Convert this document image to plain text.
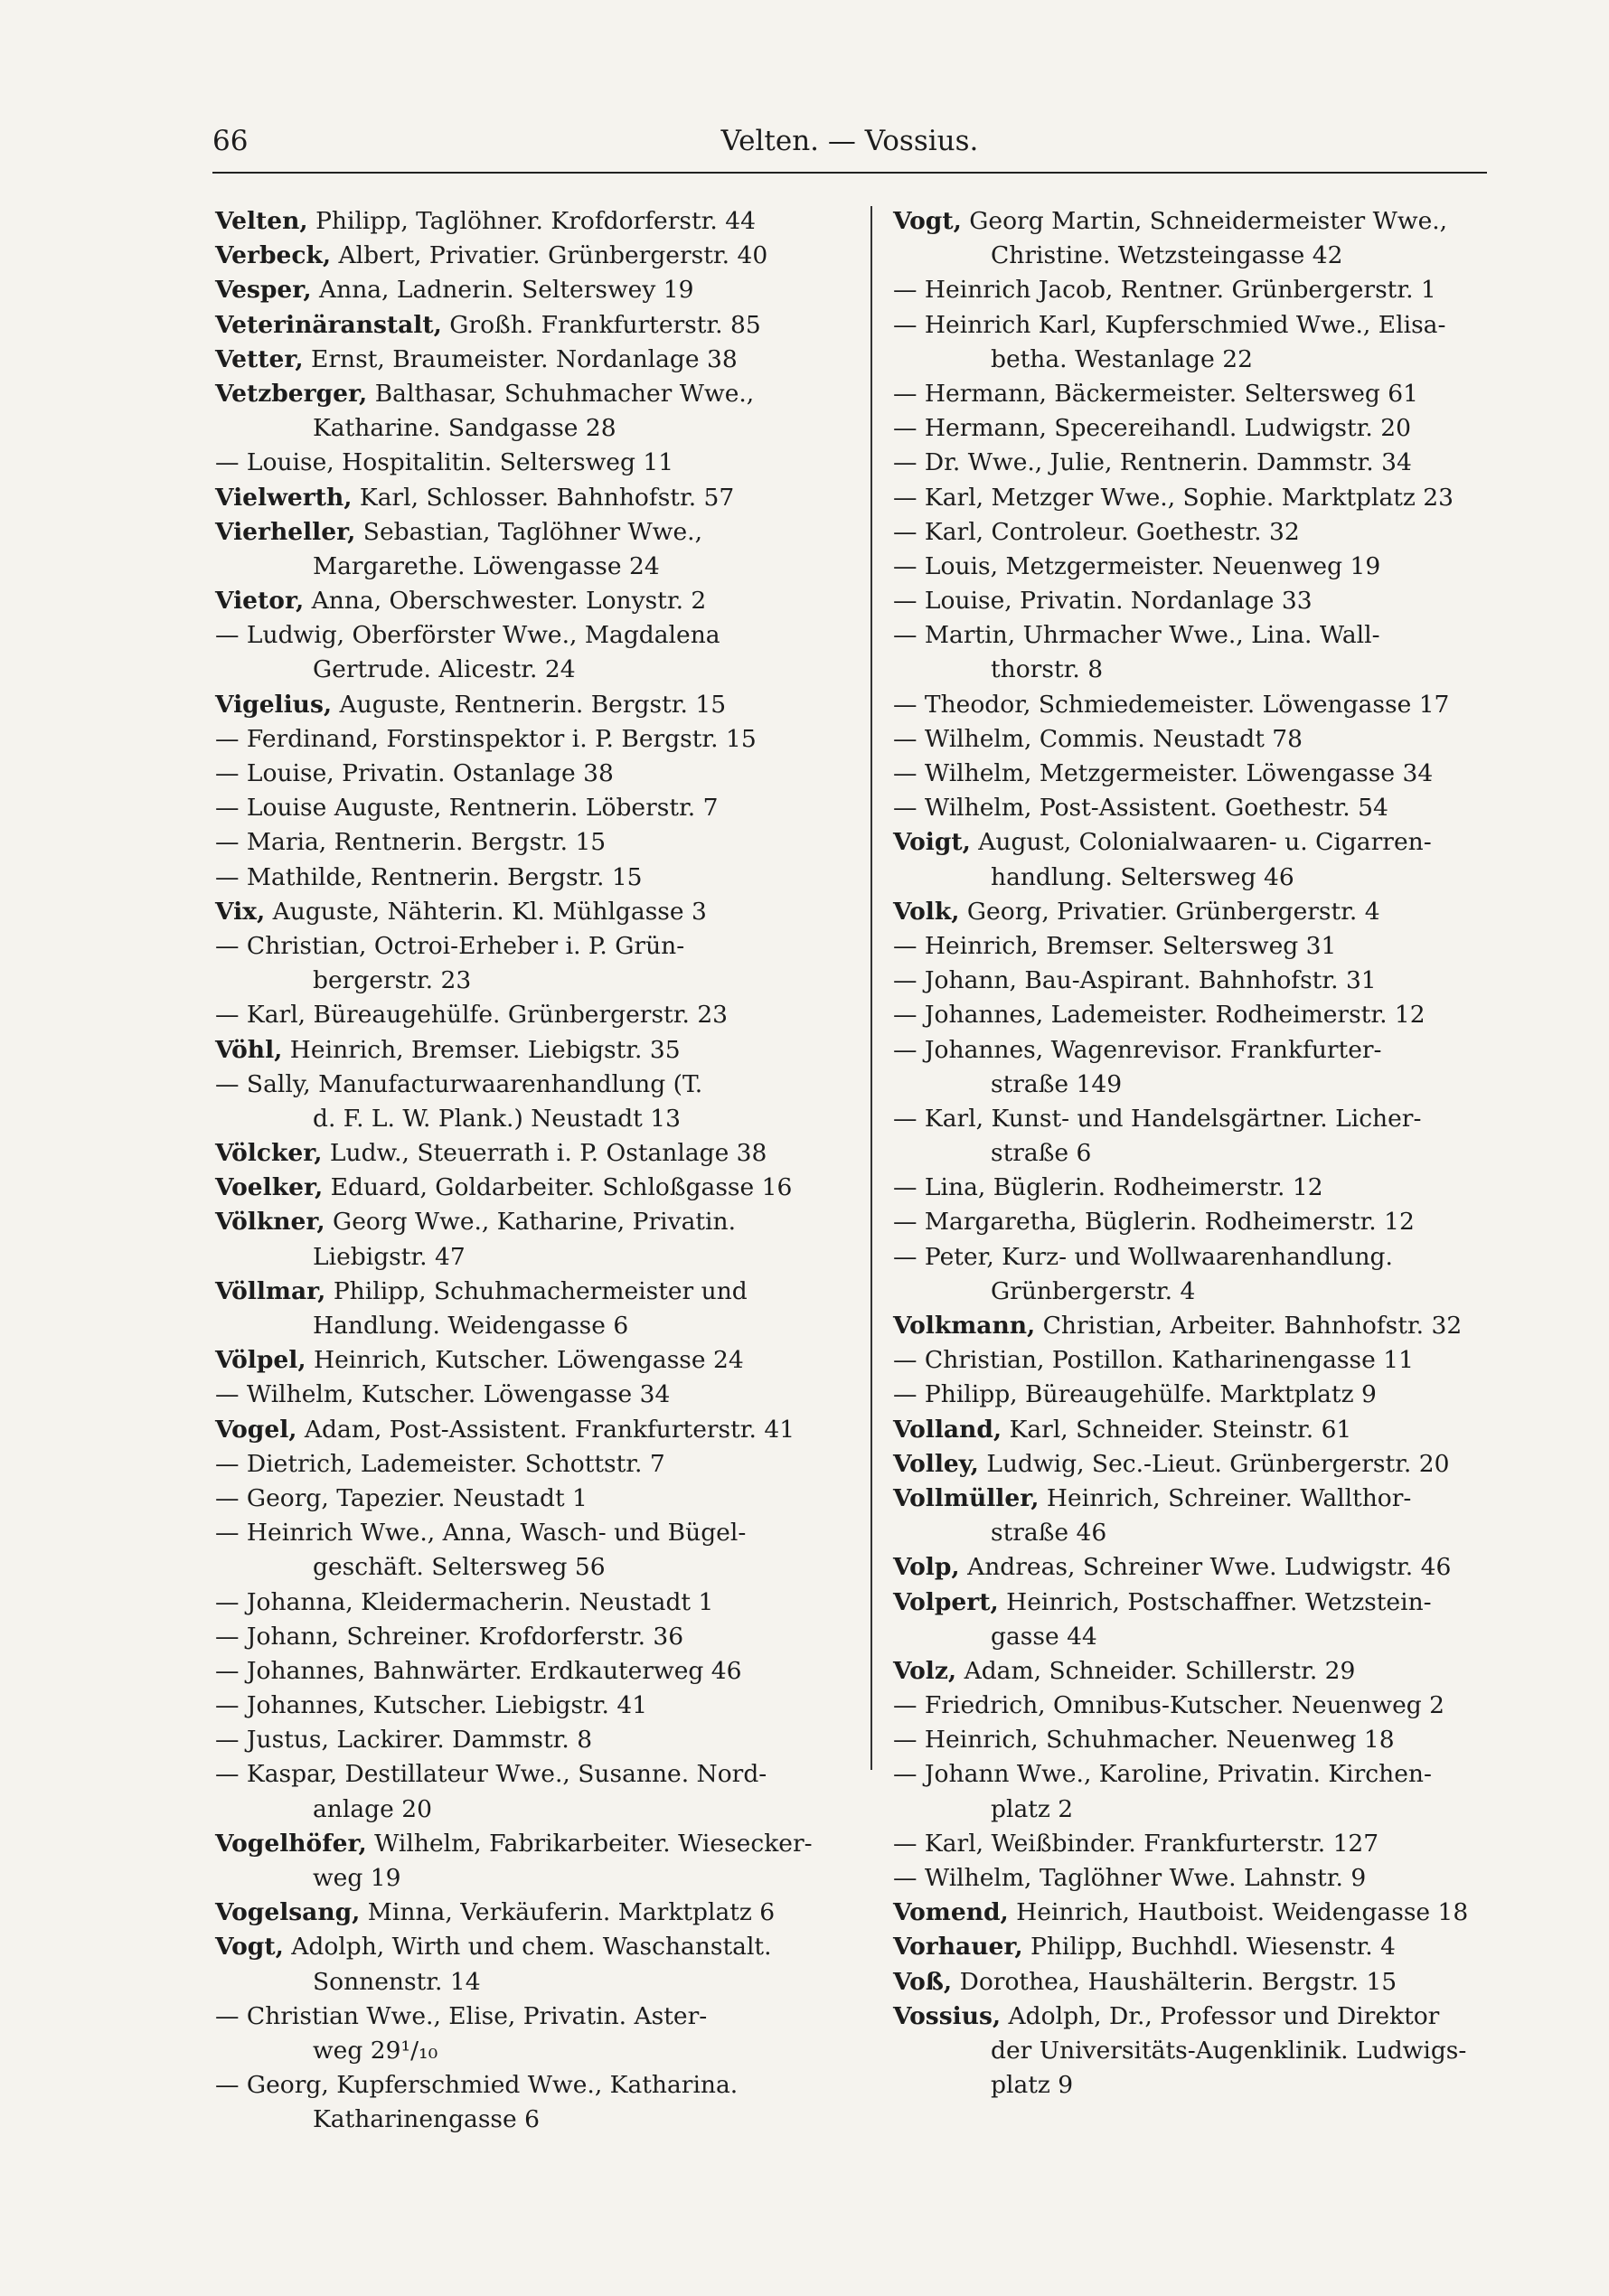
66	Velten. — Vossius.
Velten, Philipp, Taglöhner. Krofdorferstr. 44
Verbeck, Albert, Privatier. Grünbergerstr. 40
Vesper, Anna, Ladnerin. Selterswey 19
Veterinäranstalt, Großh. Frankfurterstr. 85
Vetter, Ernst, Braumeister. Nordanlage 38
Vetzberger, Balthasar, Schuhmacher Wwe.,
Katharine. Sandgasse 28
— Louise, Hospitalitin. Seltersweg 11
Vielwerth, Karl, Schlosser. Bahnhofstr. 57
Vierheller, Sebastian, Taglöhner Wwe.,
Margarethe. Löwengasse 24
Vietor, Anna, Oberschwester. Lonystr. 2
— Ludwig, Oberförster Wwe., Magdalena
Gertrude. Alicestr. 24
Vigelius, Auguste, Rentnerin. Bergstr. 15
— Ferdinand, Forstinspektor i. P. Bergstr. 15
— Louise, Privatin. Ostanlage 38
— Louise Auguste, Rentnerin. Löberstr. 7
— Maria, Rentnerin. Bergstr. 15
— Mathilde, Rentnerin. Bergstr. 15
Vix, Auguste, Nähterin. Kl. Mühlgasse 3
— Christian, Octroi-Erheber i. P. Grün-
bergerstr. 23
— Karl, Büreaugehülfe. Grünbergerstr. 23
Vöhl, Heinrich, Bremser. Liebigstr. 35
— Sally, Manufacturwaarenhandlung (T.
d. F. L. W. Plank.) Neustadt 13
Völcker, Ludw., Steuerrath i. P. Ostanlage 38
Voelker, Eduard, Goldarbeiter. Schloßgasse 16
Völkner, Georg Wwe., Katharine, Privatin.
Liebigstr. 47
Völlmar, Philipp, Schuhmachermeister und
Handlung. Weidengasse 6
Völpel, Heinrich, Kutscher. Löwengasse 24
— Wilhelm, Kutscher. Löwengasse 34
Vogel, Adam, Post-Assistent. Frankfurterstr. 41
— Dietrich, Lademeister. Schottstr. 7
— Georg, Tapezier. Neustadt 1
— Heinrich Wwe., Anna, Wasch- und Bügel-
geschäft. Seltersweg 56
— Johanna, Kleidermacherin. Neustadt 1
— Johann, Schreiner. Krofdorferstr. 36
— Johannes, Bahnwärter. Erdkauterweg 46
— Johannes, Kutscher. Liebigstr. 41
— Justus, Lackirer. Dammstr. 8
— Kaspar, Destillateur Wwe., Susanne. Nord-
anlage 20
Vogelhöfer, Wilhelm, Fabrikarbeiter. Wiesecker-
weg 19
Vogelsang, Minna, Verkäuferin. Marktplatz 6
Vogt, Adolph, Wirth und chem. Waschanstalt.
Sonnenstr. 14
— Christian Wwe., Elise, Privatin. Aster-
weg 29¹/₁₀
— Georg, Kupferschmied Wwe., Katharina.
Katharinengasse 6
Vogt, Georg Martin, Schneidermeister Wwe.,
Christine. Wetzsteingasse 42
— Heinrich Jacob, Rentner. Grünbergerstr. 1
— Heinrich Karl, Kupferschmied Wwe., Elisa-
betha. Westanlage 22
— Hermann, Bäckermeister. Seltersweg 61
— Hermann, Specereihandl. Ludwigstr. 20
— Dr. Wwe., Julie, Rentnerin. Dammstr. 34
— Karl, Metzger Wwe., Sophie. Marktplatz 23
— Karl, Controleur. Goethestr. 32
— Louis, Metzgermeister. Neuenweg 19
— Louise, Privatin. Nordanlage 33
— Martin, Uhrmacher Wwe., Lina. Wall-
thorstr. 8
— Theodor, Schmiedemeister. Löwengasse 17
— Wilhelm, Commis. Neustadt 78
— Wilhelm, Metzgermeister. Löwengasse 34
— Wilhelm, Post-Assistent. Goethestr. 54
Voigt, August, Colonialwaaren- u. Cigarren-
handlung. Seltersweg 46
Volk, Georg, Privatier. Grünbergerstr. 4
— Heinrich, Bremser. Seltersweg 31
— Johann, Bau-Aspirant. Bahnhofstr. 31
— Johannes, Lademeister. Rodheimerstr. 12
— Johannes, Wagenrevisor. Frankfurter-
straße 149
— Karl, Kunst- und Handelsgärtner. Licher-
straße 6
— Lina, Büglerin. Rodheimerstr. 12
— Margaretha, Büglerin. Rodheimerstr. 12
— Peter, Kurz- und Wollwaarenhandlung.
Grünbergerstr. 4
Volkmann, Christian, Arbeiter. Bahnhofstr. 32
— Christian, Postillon. Katharinengasse 11
— Philipp, Büreaugehülfe. Marktplatz 9
Volland, Karl, Schneider. Steinstr. 61
Volley, Ludwig, Sec.-Lieut. Grünbergerstr. 20
Vollmüller, Heinrich, Schreiner. Wallthor-
straße 46
Volp, Andreas, Schreiner Wwe. Ludwigstr. 46
Volpert, Heinrich, Postschaffner. Wetzstein-
gasse 44
Volz, Adam, Schneider. Schillerstr. 29
— Friedrich, Omnibus-Kutscher. Neuenweg 2
— Heinrich, Schuhmacher. Neuenweg 18
— Johann Wwe., Karoline, Privatin. Kirchen-
platz 2
— Karl, Weißbinder. Frankfurterstr. 127
— Wilhelm, Taglöhner Wwe. Lahnstr. 9
Vomend, Heinrich, Hautboist. Weidengasse 18
Vorhauer, Philipp, Buchhdl. Wiesenstr. 4
Voß, Dorothea, Haushälterin. Bergstr. 15
Vossius, Adolph, Dr., Professor und Direktor
der Universitäts-Augenklinik. Ludwigs-
platz 9
